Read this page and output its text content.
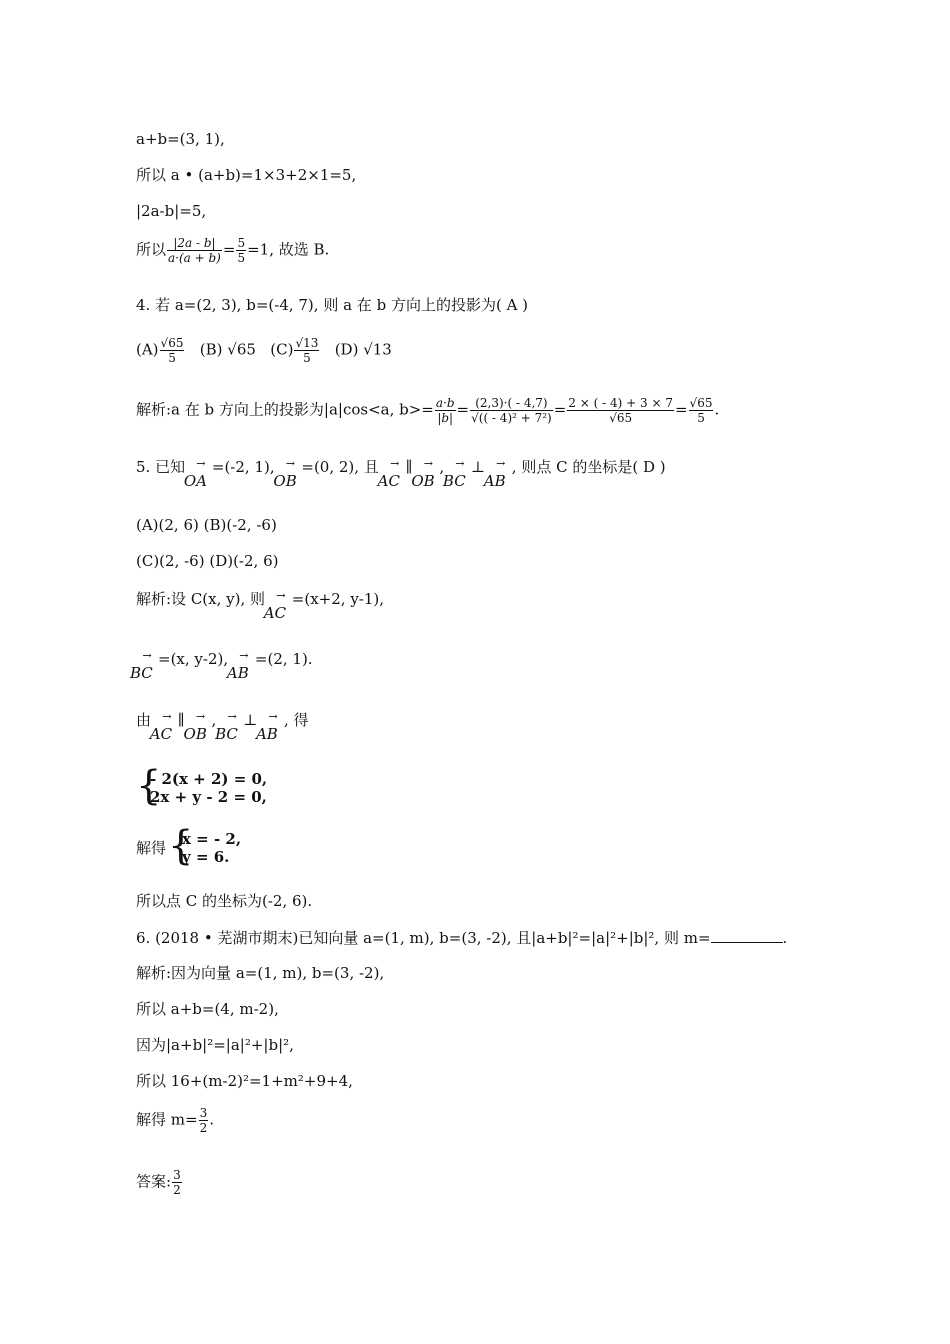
a+b=(3, 1),
所以 a • (a+b)=1×3+2×1=5,
|2a-b|=5,
所以 $\frac{|2a - b|}{a\cdot(a + b)} = \frac{5}{5} =1$, 故选 B.
4. 若 a=(2, 3), b=(-4, 7), 则 a 在 b 方向上的投影为( A )
$(A) \frac{√65}{5} (B)$ √65 $(C) \frac{√13}{5} (D)$ √13
解析:a 在 b 方向上的投影为|a|cos<a, $b>= \frac{a\cdot b}{|b|} = \frac{(2,3)\cdot( - 4,7)}{\text{√(( - 4)² + 7²)}} = \frac{2 \times ( - 4) + 3 \times 7}{√65} = \frac{√65}{5}$ .
5. 已知	→
OA
=(-2, 1),	→
OB
=(0, 2), 且	→
AC
∥	→
OB
,	→
BC
⊥	→
AB
, 则点 C 的坐标是( D )
(A)(2, 6) (B)(-2, -6)
(C)(2, -6) (D)(-2, 6)
解析:设 C(x, y), 则	→
AC
=(x+2, y-1),
→
BC
=(x, y-2),	→
AB
=(2, 1).
由	→
AC
∥	→
OB
,	→
BC
⊥	→
AB
, 得
{
- 2(x + 2) = 0,
2x + y - 2 = 0,
解得 {
x = - 2,
y = 6.
所以点 C 的坐标为(-2, 6).
6. (2018 • 芜湖市期末)已知向量 a=(1, m), b=(3, -2), 且|a+b|²=|a|²+|b|², 则 m=	.
解析:因为向量 a=(1, m), b=(3, -2),
所以 a+b=(4, m-2),
因为|a+b|²=|a|²+|b|²,
所以 16+(m-2)²=1+m²+9+4,
解得 $m= \frac{3}{2}$ .
答案: $\frac{3}{2}$
